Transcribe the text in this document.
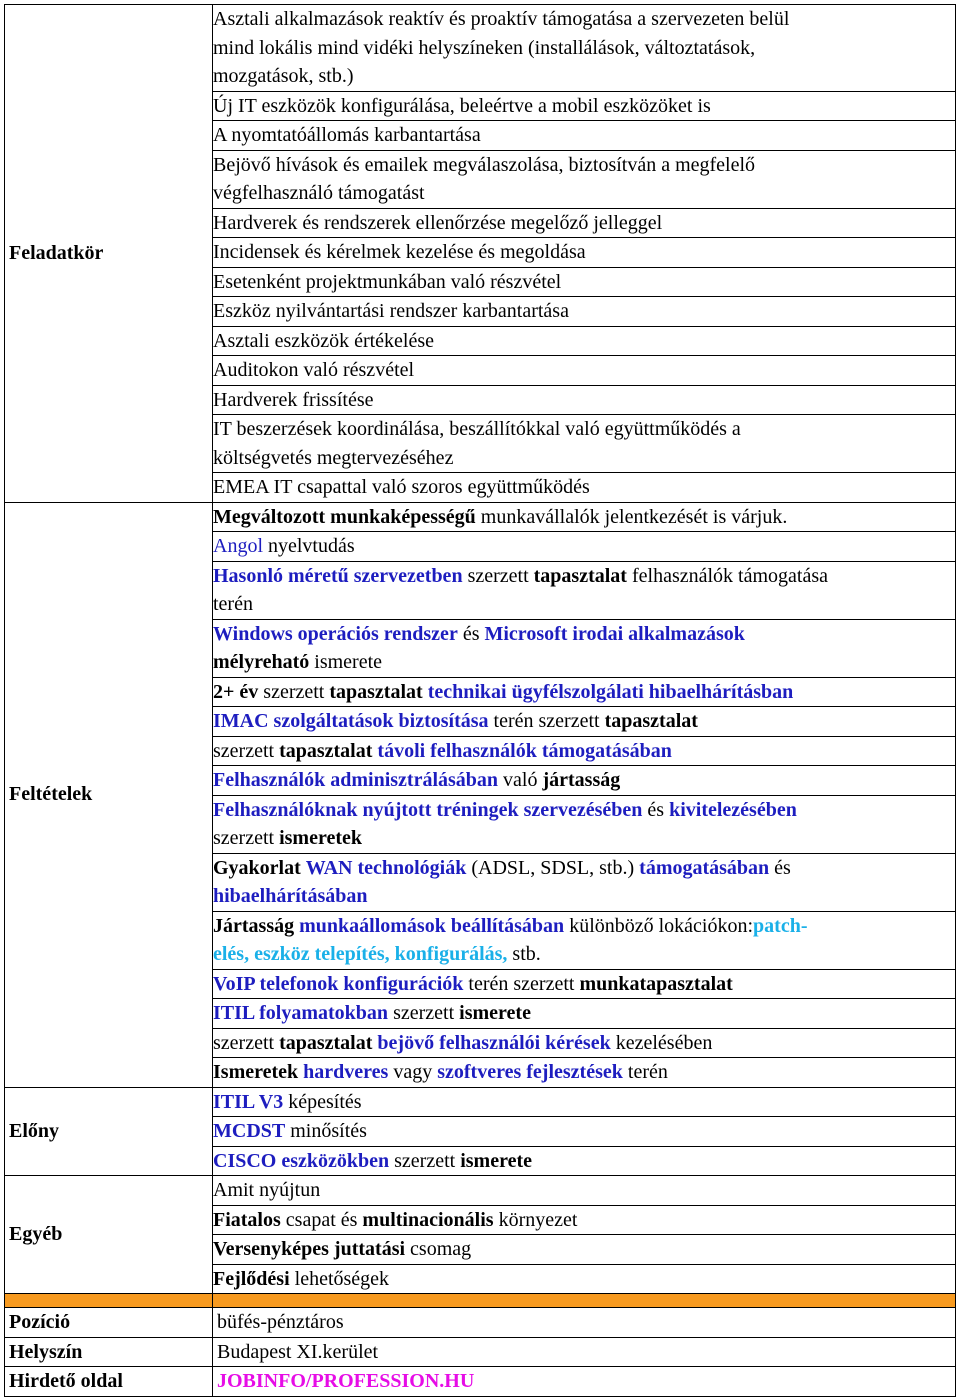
Feladatkör	
Asztali alkalmazások reaktív és proaktív támogatása a szervezeten belül
mind lokális mind vidéki helyszíneken (installálások, változtatások,
mozgatások, stb.)

Új IT eszközök konfigurálása, beleértve a mobil eszközöket is

A nyomtatóállomás karbantartása

Bejövő hívások és emailek megválaszolása, biztosítván a megfelelő
végfelhasználó támogatást

Hardverek és rendszerek ellenőrzése megelőző jelleggel

Incidensek és kérelmek kezelése és megoldása

Esetenként projektmunkában való részvétel

Eszköz nyilvántartási rendszer karbantartása

Asztali eszközök értékelése

Auditokon való részvétel

Hardverek frissítése

IT beszerzések koordinálása, beszállítókkal való együttműködés a
költségvetés megtervezéséhez

EMEA IT csapattal való szoros együttműködés

Feltételek	
Megváltozott munkaképességű munkavállalók jelentkezését is várjuk.

Angol nyelvtudás

Hasonló méretű szervezetben szerzett tapasztalat felhasználók támogatása
terén

Windows operációs rendszer és Microsoft irodai alkalmazások
mélyreható ismerete

2+ év szerzett tapasztalat technikai ügyfélszolgálati hibaelhárításban

IMAC szolgáltatások biztosítása terén szerzett tapasztalat

szerzett tapasztalat távoli felhasználók támogatásában

Felhasználók adminisztrálásában való jártasság

Felhasználóknak nyújtott tréningek szervezésében és kivitelezésében
szerzett ismeretek

Gyakorlat WAN technológiák (ADSL, SDSL, stb.) támogatásában és
hibaelhárításában

Jártasság munkaállomások beállításában különböző lokációkon:patch-
elés, eszköz telepítés, konfigurálás, stb.

VoIP telefonok konfigurációk terén szerzett munkatapasztalat

ITIL folyamatokban szerzett ismerete

szerzett tapasztalat bejövő felhasználói kérések kezelésében

Ismeretek hardveres vagy szoftveres fejlesztések terén

Előny	
ITIL V3 képesítés

MCDST minősítés

CISCO eszközökben szerzett ismerete

Egyéb	
Amit nyújtun

Fiatalos csapat és multinacionális környezet

Versenyképes juttatási csomag

Fejlődési lehetőségek

Pozíció	büfés-pénztáros
Helyszín	Budapest XI.kerület
Hirdető oldal	JOBINFO/PROFESSION.HU
